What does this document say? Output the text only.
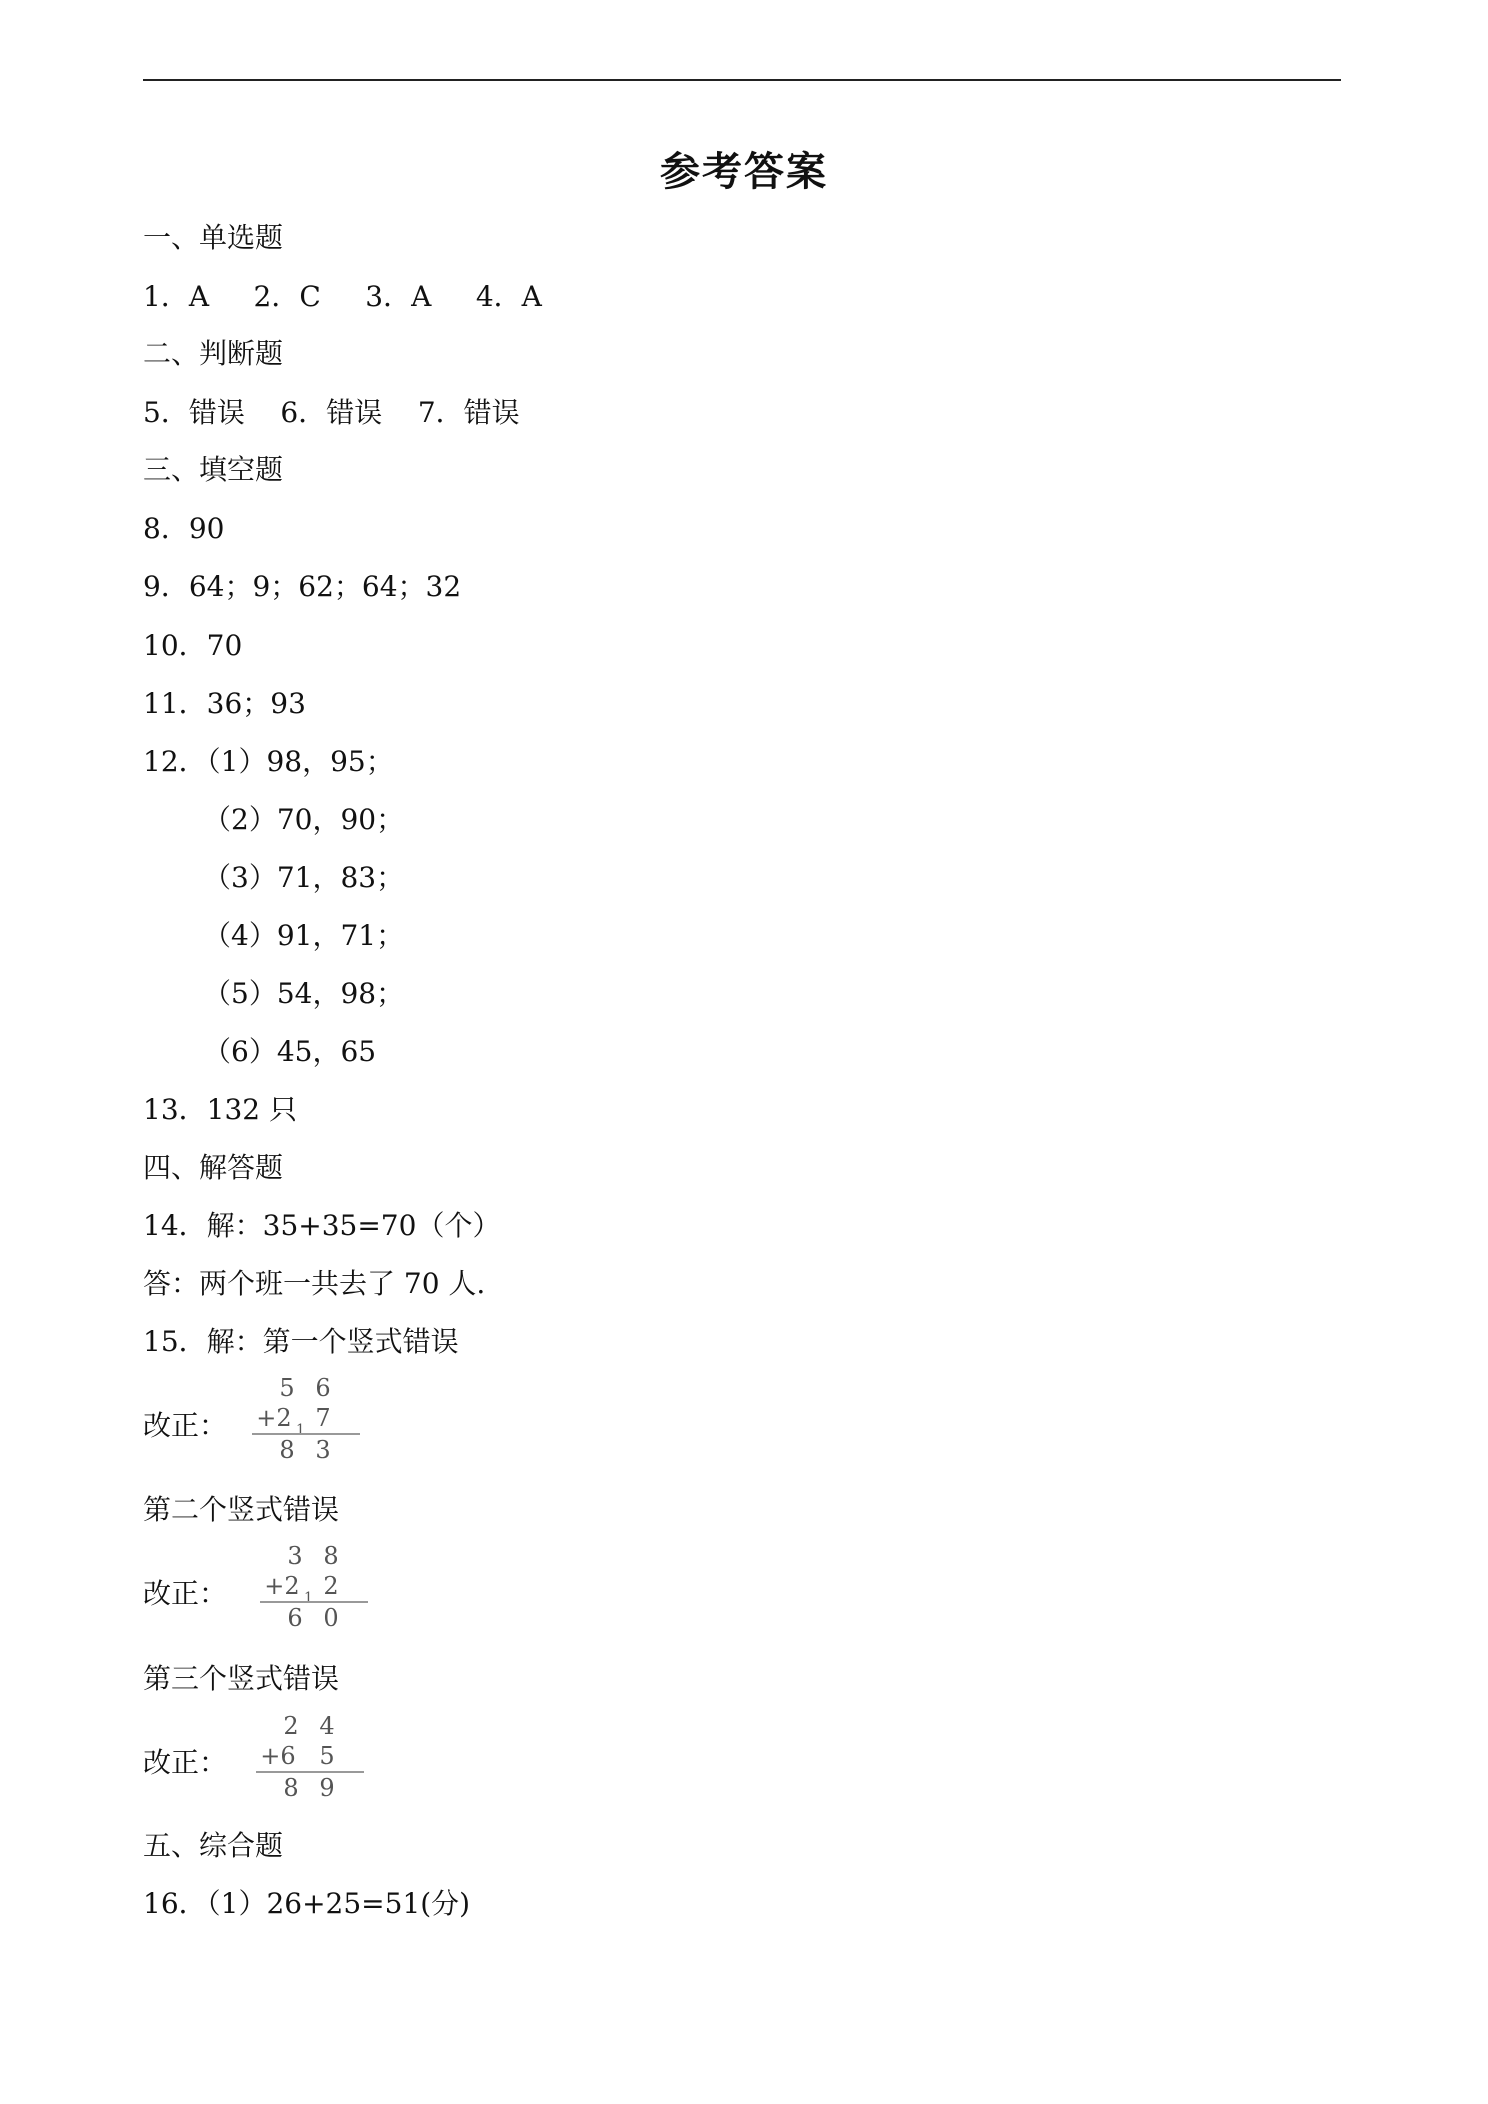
参考答案
一、单选题
1．A     2．C     3．A     4．A
二、判断题
5．错误    6．错误    7．错误
三、填空题
8．90
9．64；9；62；64；32
10．70
11．36；93
12．（1）98，95；
（2）70，90；
（3）71，83；
（4）91，71；
（5）54，98；
（6）45，65
13．132 只
四、解答题
14．解：35+35=70（个）
答：两个班一共去了 70 人.
15．解：第一个竖式错误
改正：
5 6
+2 1 7
8 3
第二个竖式错误
改正：
3 8
+2 1 2
6 0
第三个竖式错误
改正：
2 4
+6 5
8 9
五、综合题
16．（1）26+25=51(分)
